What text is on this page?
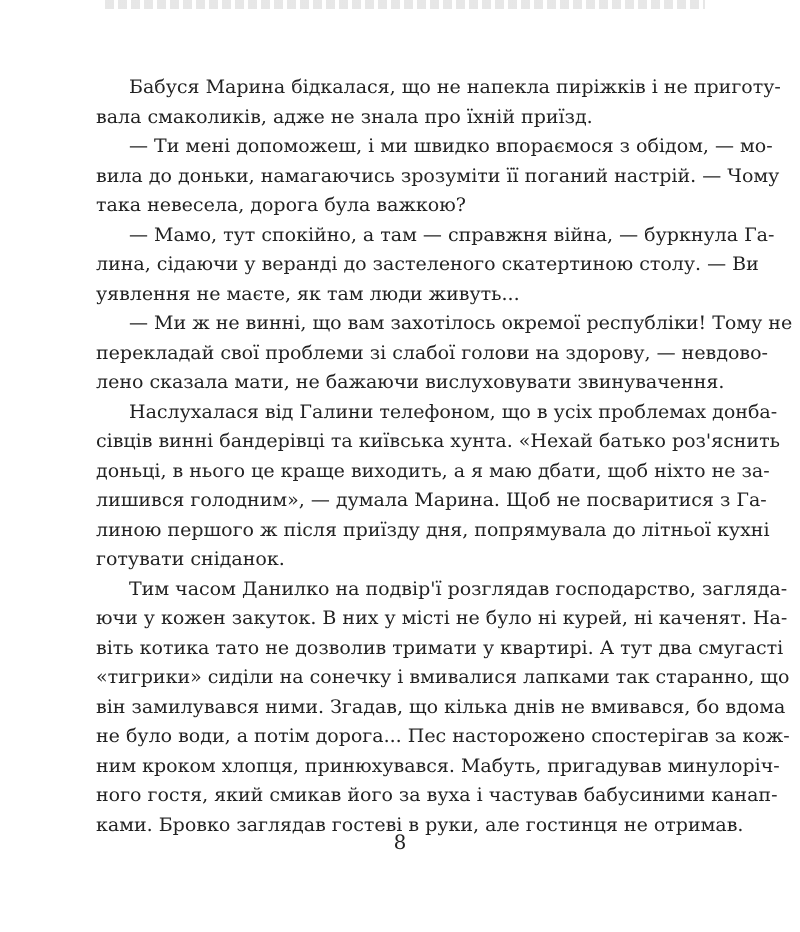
Бабуся Марина бідкалася, що не напекла пиріжків і не приготу-
вала смаколиків, адже не знала про їхній приїзд.
— Ти мені допоможеш, і ми швидко впораємося з обідом, — мо-
вила до доньки, намагаючись зрозуміти її поганий настрій. — Чому
така невесела, дорога була важкою?
— Мамо, тут спокійно, а там — справжня війна, — буркнула Га-
лина, сідаючи у веранді до застеленого скатертиною столу. — Ви
уявлення не маєте, як там люди живуть...
— Ми ж не винні, що вам захотілось окремої республіки! Тому не
перекладай свої проблеми зі слабої голови на здорову, — невдово-
лено сказала мати, не бажаючи вислуховувати звинувачення.
Наслухалася від Галини телефоном, що в усіх проблемах донба-
сівців винні бандерівці та київська хунта. «Нехай батько роз'яснить
доньці, в нього це краще виходить, а я маю дбати, щоб ніхто не за-
лишився голодним», — думала Марина. Щоб не посваритися з Га-
линою першого ж після приїзду дня, попрямувала до літньої кухні
готувати сніданок.
Тим часом Данилко на подвір'ї розглядав господарство, загляда-
ючи у кожен закуток. В них у місті не було ні курей, ні каченят. На-
віть котика тато не дозволив тримати у квартирі. А тут два смугасті
«тигрики» сиділи на сонечку і вмивалися лапками так старанно, що
він замилувався ними. Згадав, що кілька днів не вмивався, бо вдома
не було води, а потім дорога... Пес насторожено спостерігав за кож-
ним кроком хлопця, принюхувався. Мабуть, пригадував минулоріч-
ного гостя, який смикав його за вуха і частував бабусиними канап-
ками. Бровко заглядав гостеві в руки, але гостинця не отримав.
8
